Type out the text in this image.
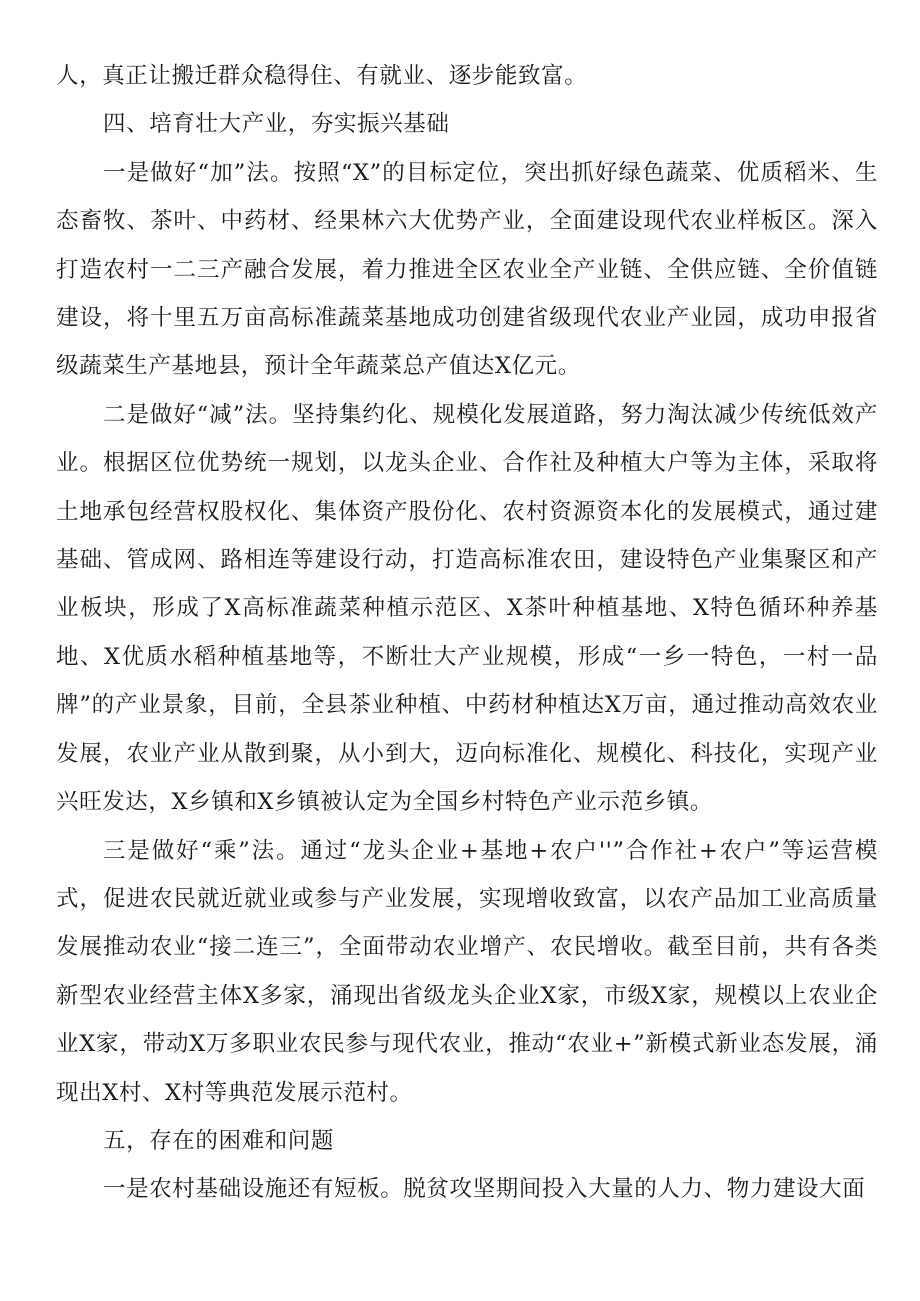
人，真正让搬迁群众稳得住、有就业、逐步能致富。

四、培育壮大产业，夯实振兴基础

一是做好“加”法。按照“X”的目标定位，突出抓好绿色蔬菜、优质稻米、生态畜牧、茶叶、中药材、经果林六大优势产业，全面建设现代农业样板区。深入打造农村一二三产融合发展，着力推进全区农业全产业链、全供应链、全价值链建设，将十里五万亩高标准蔬菜基地成功创建省级现代农业产业园，成功申报省级蔬菜生产基地县，预计全年蔬菜总产值达X亿元。

二是做好“减”法。坚持集约化、规模化发展道路，努力淘汰减少传统低效产业。根据区位优势统一规划，以龙头企业、合作社及种植大户等为主体，采取将土地承包经营权股权化、集体资产股份化、农村资源资本化的发展模式，通过建基础、管成网、路相连等建设行动，打造高标准农田，建设特色产业集聚区和产业板块，形成了X高标准蔬菜种植示范区、X茶叶种植基地、X特色循环种养基地、X优质水稻种植基地等，不断壮大产业规模，形成“一乡一特色，一村一品牌”的产业景象，目前，全县茶业种植、中药材种植达X万亩，通过推动高效农业发展，农业产业从散到聚，从小到大，迈向标准化、规模化、科技化，实现产业兴旺发达，X乡镇和X乡镇被认定为全国乡村特色产业示范乡镇。

三是做好“乘”法。通过“龙头企业+基地+农户''”合作社+农户”等运营模式，促进农民就近就业或参与产业发展，实现增收致富，以农产品加工业高质量发展推动农业“接二连三”，全面带动农业增产、农民增收。截至目前，共有各类新型农业经营主体X多家，涌现出省级龙头企业X家，市级X家，规模以上农业企业X家，带动X万多职业农民参与现代农业，推动“农业+”新模式新业态发展，涌现出X村、X村等典范发展示范村。

五，存在的困难和问题

一是农村基础设施还有短板。脱贫攻坚期间投入大量的人力、物力建设大面
